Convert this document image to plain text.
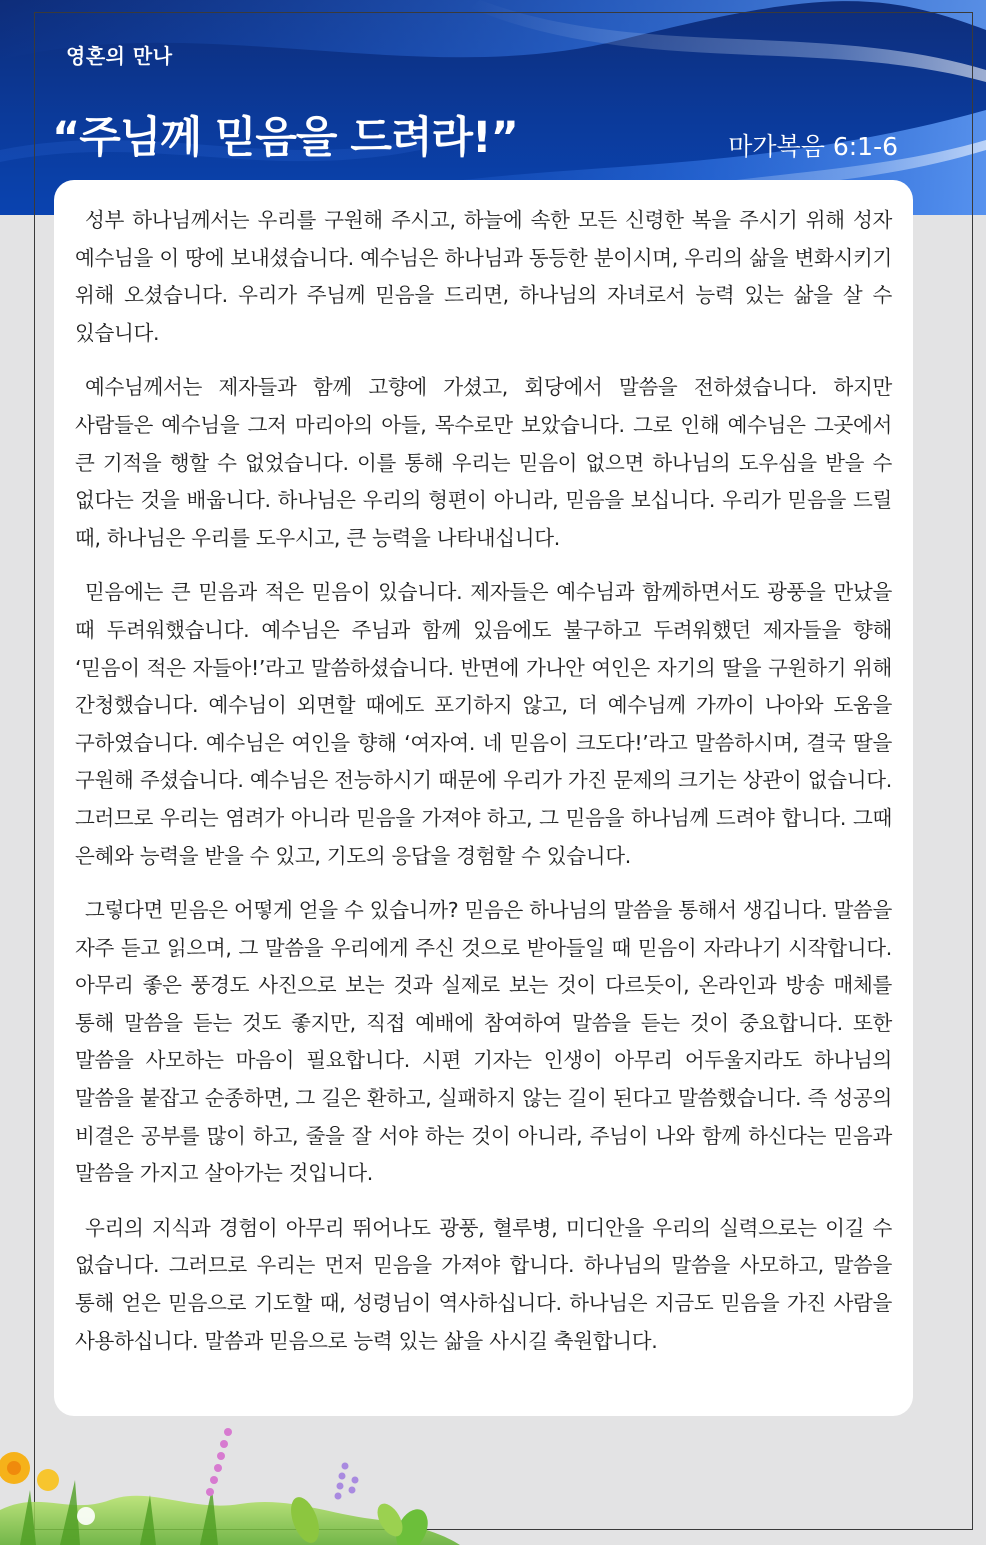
영혼의 만나
“주님께 믿음을 드려라!”	마가복음 6:1-6

성부 하나님께서는 우리를 구원해 주시고, 하늘에 속한 모든 신령한 복을 주시기 위해 성자 예수님을 이 땅에 보내셨습니다. 예수님은 하나님과 동등한 분이시며, 우리의 삶을 변화시키기 위해 오셨습니다. 우리가 주님께 믿음을 드리면, 하나님의 자녀로서 능력 있는 삶을 살 수 있습니다.

예수님께서는 제자들과 함께 고향에 가셨고, 회당에서 말씀을 전하셨습니다. 하지만 사람들은 예수님을 그저 마리아의 아들, 목수로만 보았습니다. 그로 인해 예수님은 그곳에서 큰 기적을 행할 수 없었습니다. 이를 통해 우리는 믿음이 없으면 하나님의 도우심을 받을 수 없다는 것을 배웁니다. 하나님은 우리의 형편이 아니라, 믿음을 보십니다. 우리가 믿음을 드릴 때, 하나님은 우리를 도우시고, 큰 능력을 나타내십니다.

믿음에는 큰 믿음과 적은 믿음이 있습니다. 제자들은 예수님과 함께하면서도 광풍을 만났을 때 두려워했습니다. 예수님은 주님과 함께 있음에도 불구하고 두려워했던 제자들을 향해 ‘믿음이 적은 자들아!’라고 말씀하셨습니다. 반면에 가나안 여인은 자기의 딸을 구원하기 위해 간청했습니다. 예수님이 외면할 때에도 포기하지 않고, 더 예수님께 가까이 나아와 도움을 구하였습니다. 예수님은 여인을 향해 ‘여자여. 네 믿음이 크도다!’라고 말씀하시며, 결국 딸을 구원해 주셨습니다. 예수님은 전능하시기 때문에 우리가 가진 문제의 크기는 상관이 없습니다. 그러므로 우리는 염려가 아니라 믿음을 가져야 하고, 그 믿음을 하나님께 드려야 합니다. 그때 은혜와 능력을 받을 수 있고, 기도의 응답을 경험할 수 있습니다.

그렇다면 믿음은 어떻게 얻을 수 있습니까? 믿음은 하나님의 말씀을 통해서 생깁니다. 말씀을 자주 듣고 읽으며, 그 말씀을 우리에게 주신 것으로 받아들일 때 믿음이 자라나기 시작합니다. 아무리 좋은 풍경도 사진으로 보는 것과 실제로 보는 것이 다르듯이, 온라인과 방송 매체를 통해 말씀을 듣는 것도 좋지만, 직접 예배에 참여하여 말씀을 듣는 것이 중요합니다. 또한 말씀을 사모하는 마음이 필요합니다. 시편 기자는 인생이 아무리 어두울지라도 하나님의 말씀을 붙잡고 순종하면, 그 길은 환하고, 실패하지 않는 길이 된다고 말씀했습니다. 즉 성공의 비결은 공부를 많이 하고, 줄을 잘 서야 하는 것이 아니라, 주님이 나와 함께 하신다는 믿음과 말씀을 가지고 살아가는 것입니다.

우리의 지식과 경험이 아무리 뛰어나도 광풍, 혈루병, 미디안을 우리의 실력으로는 이길 수 없습니다. 그러므로 우리는 먼저 믿음을 가져야 합니다. 하나님의 말씀을 사모하고, 말씀을 통해 얻은 믿음으로 기도할 때, 성령님이 역사하십니다. 하나님은 지금도 믿음을 가진 사람을 사용하십니다. 말씀과 믿음으로 능력 있는 삶을 사시길 축원합니다.
